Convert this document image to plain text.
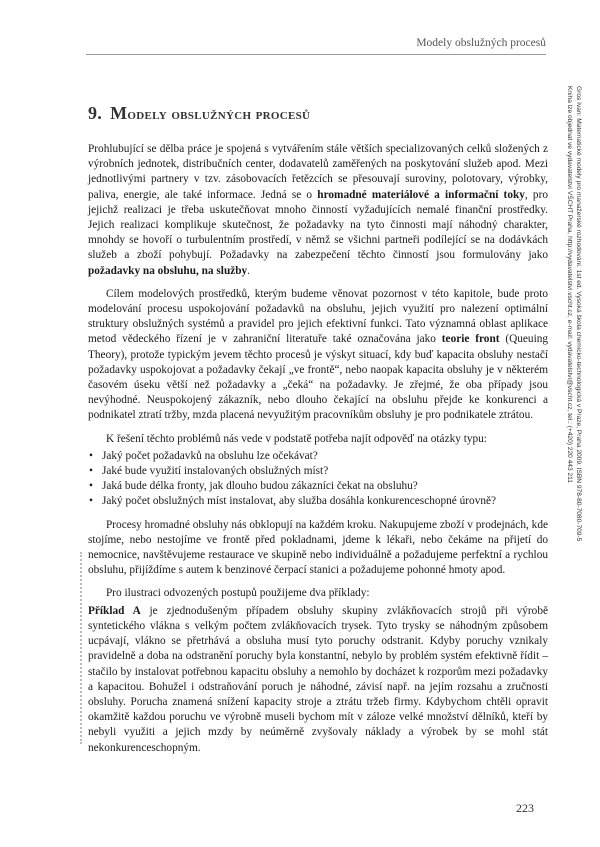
Modely obslužných procesů
Gros Ivan: Matematické modely pro manažerské rozhodování. 1st ed. Vysoká škola chemicko-technologická v Praze, Praha 2009. ISBN 978-80-7080-709-5
Kniha lze objednat ve vydavatelství VŠCHT Praha, http://vydavatelstvi.vscht.cz, e-mail: vydavatelstvi@vscht.cz, tel.: (+420) 220 443 211
9. Modely obslužných procesů

Prohlubující se dělba práce je spojená s vytvářením stále větších specializovaných celků složených z výrobních jednotek, distribučních center, dodavatelů zaměřených na poskytování služeb apod. Mezi jednotlivými partnery v tzv. zásobovacích řetězcích se přesouvají suroviny, polotovary, výrobky, paliva, energie, ale také informace. Jedná se o hromadné materiálové a informační toky, pro jejichž realizaci je třeba uskutečňovat mnoho činností vyžadujících nemalé finanční prostředky. Jejich realizaci komplikuje skutečnost, že požadavky na tyto činnosti mají náhodný charakter, mnohdy se hovoří o turbulentním prostředí, v němž se všichni partneři podílející se na dodávkách služeb a zboží pohybují. Požadavky na zabezpečení těchto činností jsou formulovány jako požadavky na obsluhu, na služby.

Cílem modelových prostředků, kterým budeme věnovat pozornost v této kapitole, bude proto modelování procesu uspokojování požadavků na obsluhu, jejich využití pro nalezení optimální struktury obslužných systémů a pravidel pro jejich efektivní funkci. Tato významná oblast aplikace metod vědeckého řízení je v zahraniční literatuře také označována jako teorie front (Queuing Theory), protože typickým jevem těchto procesů je výskyt situací, kdy buď kapacita obsluhy nestačí požadavky uspokojovat a požadavky čekají „ve frontě“, nebo naopak kapacita obsluhy je v některém časovém úseku větší než požadavky a „čeká“ na požadavky. Je zřejmé, že oba případy jsou nevýhodné. Neuspokojený zákazník, nebo dlouho čekající na obsluhu přejde ke konkurenci a podnikatel ztratí tržby, mzda placená nevyužitým pracovníkům obsluhy je pro podnikatele ztrátou.

K řešení těchto problémů nás vede v podstatě potřeba najít odpověď na otázky typu:

• Jaký počet požadavků na obsluhu lze očekávat?
• Jaké bude využití instalovaných obslužných míst?
• Jaká bude délka fronty, jak dlouho budou zákazníci čekat na obsluhu?
• Jaký počet obslužných míst instalovat, aby služba dosáhla konkurenceschopné úrovně?

Procesy hromadné obsluhy nás obklopují na každém kroku. Nakupujeme zboží v prodejnách, kde stojíme, nebo nestojíme ve frontě před pokladnami, jdeme k lékaři, nebo čekáme na přijetí do nemocnice, navštěvujeme restaurace ve skupině nebo individuálně a požadujeme perfektní a rychlou obsluhu, přijíždíme s autem k benzinové čerpací stanici a požadujeme pohonné hmoty apod.

Pro ilustraci odvozených postupů použijeme dva příklady:

Příklad A je zjednodušeným případem obsluhy skupiny zvlákňovacích strojů při výrobě syntetického vlákna s velkým počtem zvlákňovacích trysek. Tyto trysky se náhodným způsobem ucpávají, vlákno se přetrhává a obsluha musí tyto poruchy odstranit. Kdyby poruchy vznikaly pravidelně a doba na odstranění poruchy byla konstantní, nebylo by problém systém efektivně řídit – stačilo by instalovat potřebnou kapacitu obsluhy a nemohlo by docházet k rozporům mezi požadavky a kapacitou. Bohužel i odstraňování poruch je náhodné, závisí např. na jejím rozsahu a zručnosti obsluhy. Porucha znamená snížení kapacity stroje a ztrátu tržeb firmy. Kdybychom chtěli opravit okamžitě každou poruchu ve výrobně museli bychom mít v záloze velké množství dělníků, kteří by nebyli využiti a jejich mzdy by neúměrně zvyšovaly náklady a výrobek by se mohl stát nekonkurenceschopným.

223
